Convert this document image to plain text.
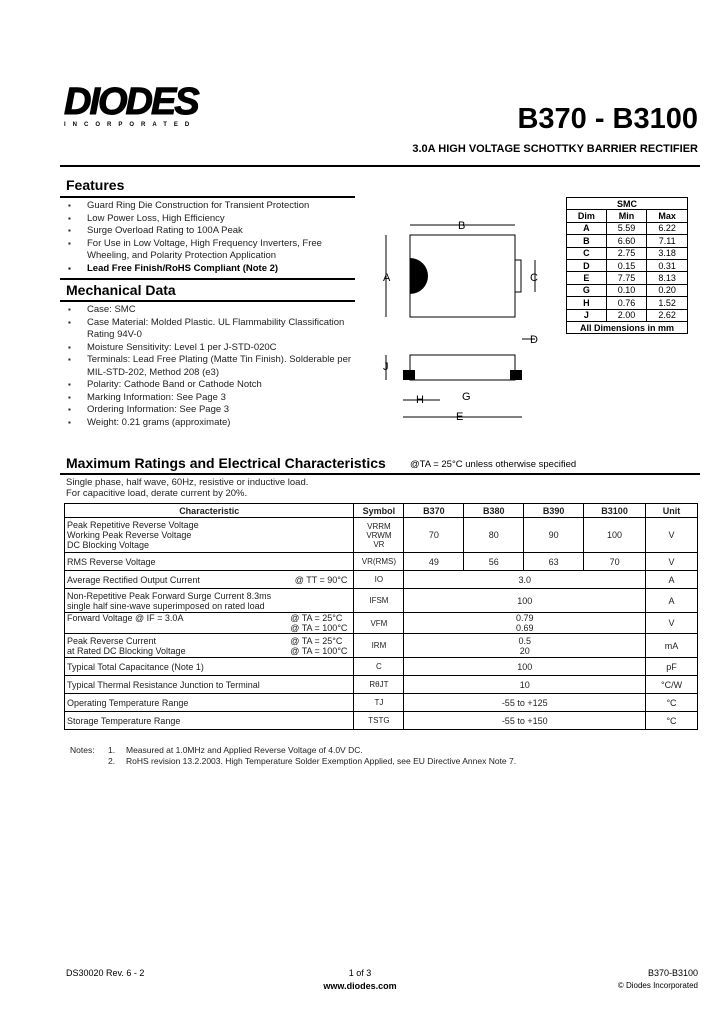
DIODES
INCORPORATED	B370 - B3100
3.0A HIGH VOLTAGE SCHOTTKY BARRIER RECTIFIER
Features
▪ Guard Ring Die Construction for Transient Protection
▪ Low Power Loss, High Efficiency
▪ Surge Overload Rating to 100A Peak
▪ For Use in Low Voltage, High Frequency Inverters, Free Wheeling, and Polarity Protection Application
▪ Lead Free Finish/RoHS Compliant (Note 2)
Mechanical Data
▪ Case: SMC
▪ Case Material: Molded Plastic. UL Flammability Classification Rating 94V-0
▪ Moisture Sensitivity: Level 1 per J-STD-020C
▪ Terminals: Lead Free Plating (Matte Tin Finish). Solderable per MIL-STD-202, Method 208 (e3)
▪ Polarity: Cathode Band or Cathode Notch
▪ Marking Information: See Page 3
▪ Ordering Information: See Page 3
▪ Weight: 0.21 grams (approximate)
B
A	C
D
J
H	G
E
SMC		
Dim	Min	Max
A	5.59	6.22
B	6.60	7.11
C	2.75	3.18
D	0.15	0.31
E	7.75	8.13
G	0.10	0.20
H	0.76	1.52
J	2.00	2.62
All Dimensions in mm		
Maximum Ratings and Electrical Characteristics	@TA = 25°C unless otherwise specified
Single phase, half wave, 60Hz, resistive or inductive load.
For capacitive load, derate current by 20%.
Characteristic	Symbol	B370	B380	B390	B3100	Unit
Peak Repetitive Reverse Voltage
Working Peak Reverse Voltage
DC Blocking Voltage	VRRM
VRWM
VR	70	80	90	100	V
RMS Reverse Voltage	VR(RMS)	49	56	63	70	V

@ TT = 90°C
Average Rectified Output Current	IO	3.0				A
Non-Repetitive Peak Forward Surge Current 8.3ms
single half sine-wave superimposed on rated load	IFSM	100				A

@ TA = 25°C
@ TA = 100°C
Forward Voltage @ IF = 3.0A	VFM	0.79
0.69				V

@ TA = 25°C
@ TA = 100°C
Peak Reverse Current
at Rated DC Blocking Voltage	IRM	0.5
20				mA
Typical Total Capacitance (Note 1)	C	100				pF
Typical Thermal Resistance Junction to Terminal	RθJT	10				°C/W
Operating Temperature Range	TJ	-55 to +125				°C
Storage Temperature Range	TSTG	-55 to +150				°C
Notes: 1. Measured at 1.0MHz and Applied Reverse Voltage of 4.0V DC.
2. RoHS revision 13.2.2003. High Temperature Solder Exemption Applied, see EU Directive Annex Note 7.
DS30020 Rev. 6 - 2	1 of 3
www.diodes.com
B370-B3100
© Diodes Incorporated
